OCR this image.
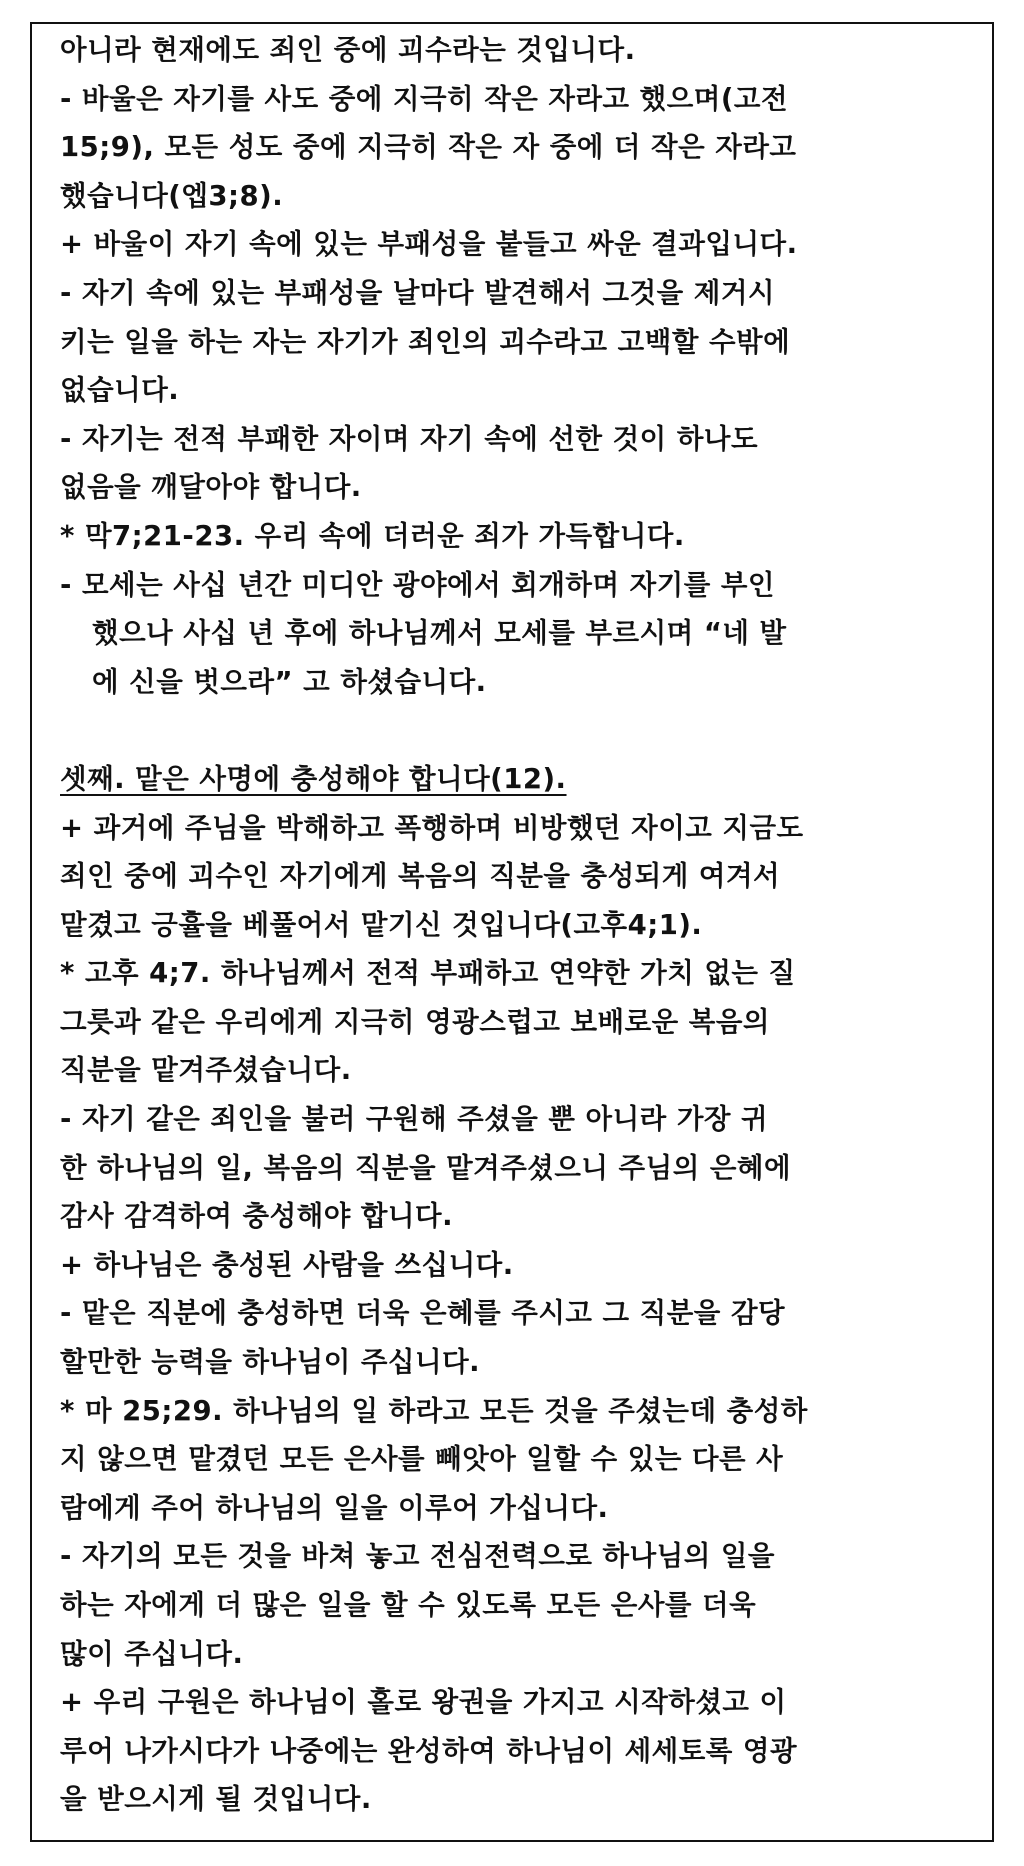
아니라 현재에도 죄인 중에 괴수라는 것입니다.
- 바울은 자기를 사도 중에 지극히 작은 자라고 했으며(고전
15;9), 모든 성도 중에 지극히 작은 자 중에 더 작은 자라고
했습니다(엡3;8).
+ 바울이 자기 속에 있는 부패성을 붙들고 싸운 결과입니다.
- 자기 속에 있는 부패성을 날마다 발견해서 그것을 제거시
키는 일을 하는 자는 자기가 죄인의 괴수라고 고백할 수밖에
없습니다.
- 자기는 전적 부패한 자이며 자기 속에 선한 것이 하나도
없음을 깨달아야 합니다.
* 막7;21-23. 우리 속에 더러운 죄가 가득합니다.
- 모세는 사십 년간 미디안 광야에서 회개하며 자기를 부인
했으나 사십 년 후에 하나님께서 모세를 부르시며 “네 발
에 신을 벗으라” 고 하셨습니다.
셋째. 맡은 사명에 충성해야 합니다(12).
+ 과거에 주님을 박해하고 폭행하며 비방했던 자이고 지금도
죄인 중에 괴수인 자기에게 복음의 직분을 충성되게 여겨서
맡겼고 긍휼을 베풀어서 맡기신 것입니다(고후4;1).
* 고후 4;7. 하나님께서 전적 부패하고 연약한 가치 없는 질
그릇과 같은 우리에게 지극히 영광스럽고 보배로운 복음의
직분을 맡겨주셨습니다.
- 자기 같은 죄인을 불러 구원해 주셨을 뿐 아니라 가장 귀
한 하나님의 일, 복음의 직분을 맡겨주셨으니 주님의 은혜에
감사 감격하여 충성해야 합니다.
+ 하나님은 충성된 사람을 쓰십니다.
- 맡은 직분에 충성하면 더욱 은혜를 주시고 그 직분을 감당
할만한 능력을 하나님이 주십니다.
* 마 25;29. 하나님의 일 하라고 모든 것을 주셨는데 충성하
지 않으면 맡겼던 모든 은사를 빼앗아 일할 수 있는 다른 사
람에게 주어 하나님의 일을 이루어 가십니다.
- 자기의 모든 것을 바쳐 놓고 전심전력으로 하나님의 일을
하는 자에게 더 많은 일을 할 수 있도록 모든 은사를 더욱
많이 주십니다.
+ 우리 구원은 하나님이 홀로 왕권을 가지고 시작하셨고 이
루어 나가시다가 나중에는 완성하여 하나님이 세세토록 영광
을 받으시게 될 것입니다.
